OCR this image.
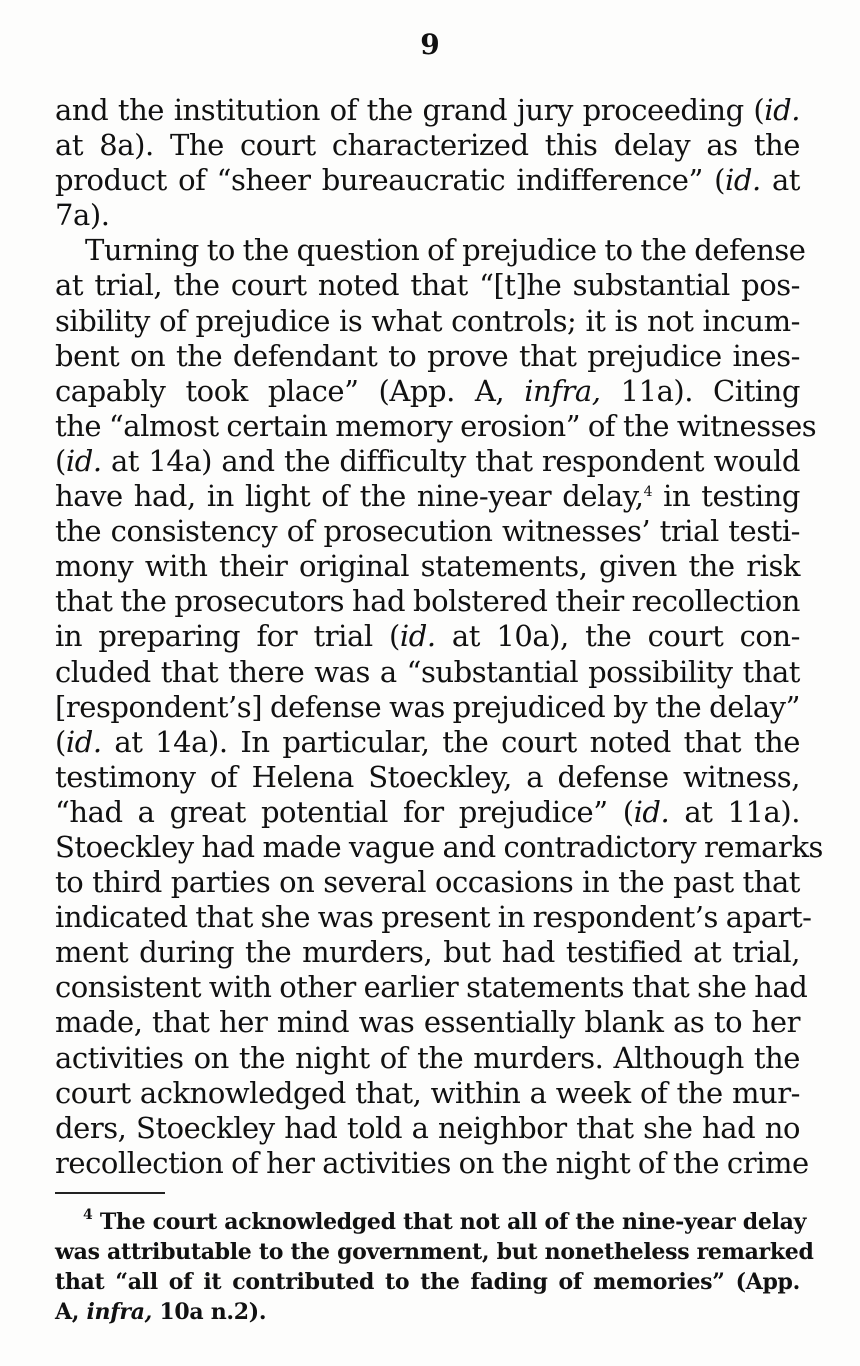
9
and the institution of the grand jury proceeding (id.
at 8a). The court characterized this delay as the
product of “sheer bureaucratic indifference” (id. at
7a).
Turning to the question of prejudice to the defense
at trial, the court noted that “[t]he substantial pos-
sibility of prejudice is what controls; it is not incum-
bent on the defendant to prove that prejudice ines-
capably took place” (App. A, infra, 11a). Citing
the “almost certain memory erosion” of the witnesses
(id. at 14a) and the difficulty that respondent would
have had, in light of the nine-year delay,$^4$ in testing
the consistency of prosecution witnesses’ trial testi-
mony with their original statements, given the risk
that the prosecutors had bolstered their recollection
in preparing for trial (id. at 10a), the court con-
cluded that there was a “substantial possibility that
[respondent’s] defense was prejudiced by the delay”
(id. at 14a). In particular, the court noted that the
testimony of Helena Stoeckley, a defense witness,
“had a great potential for prejudice” (id. at 11a).
Stoeckley had made vague and contradictory remarks
to third parties on several occasions in the past that
indicated that she was present in respondent’s apart-
ment during the murders, but had testified at trial,
consistent with other earlier statements that she had
made, that her mind was essentially blank as to her
activities on the night of the murders. Although the
court acknowledged that, within a week of the mur-
ders, Stoeckley had told a neighbor that she had no
recollection of her activities on the night of the crime
$^4$ The court acknowledged that not all of the nine-year delay
was attributable to the government, but nonetheless remarked
that “all of it contributed to the fading of memories” (App.
A, infra, 10a n.2).
